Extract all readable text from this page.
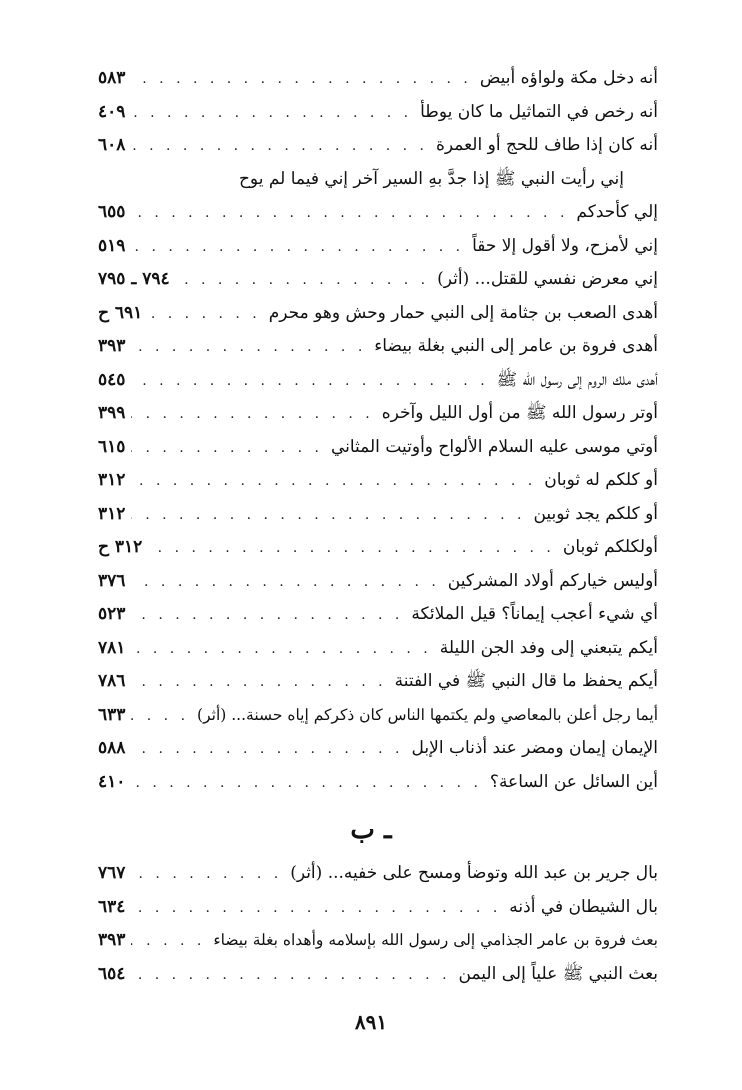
أنه دخل مكة ولواؤه أبيض
. . .
٥٨٣
أنه رخص في التماثيل ما كان يوطأ
. . .
٤٠٩
أنه كان إذا طاف للحج أو العمرة
. . .
٦٠٨
إني رأيت النبي ﷺ إذا جدَّ بهِ السير آخر إني فيما لم يوح
إلي كأحدكم
. . .
٦٥٥
إني لأمزح، ولا أقول إلا حقاً
. . .
٥١٩
إني معرض نفسي للقتل... (أثر)
. . .
٧٩٤ ـ ٧٩٥
أهدى الصعب بن جثامة إلى النبي حمار وحش وهو محرم
. . .
٦٩١ ح
أهدى فروة بن عامر إلى النبي بغلة بيضاء
. . .
٣٩٣
أهدى ملك الروم إلى رسول الله ﷺ
. . .
٥٤٥
أوتر رسول الله ﷺ من أول الليل وآخره
. . .
٣٩٩
أوتي موسى عليه السلام الألواح وأوتيت المثاني
. . .
٦١٥
أو كلكم له ثوبان
. . .
٣١٢
أو كلكم يجد ثوبين
. . .
٣١٢
أولكلكم ثوبان
. . .
٣١٢ ح
أوليس خياركم أولاد المشركين
. . .
٣٧٦
أي شيء أعجب إيماناً؟ قيل الملائكة
. . .
٥٢٣
أيكم يتبعني إلى وفد الجن الليلة
. . .
٧٨١
أيكم يحفظ ما قال النبي ﷺ في الفتنة
. . .
٧٨٦
أيما رجل أعلن بالمعاصي ولم يكتمها الناس كان ذكركم إياه حسنة... (أثر)
. . .
٦٣٣
الإيمان إيمان ومضر عند أذناب الإبل
. . .
٥٨٨
أين السائل عن الساعة؟
. . .
٤١٠
ـ ب
بال جرير بن عبد الله وتوضأ ومسح على خفيه... (أثر)
. . .
٧٦٧
بال الشيطان في أذنه
. . .
٦٣٤
بعث فروة بن عامر الجذامي إلى رسول الله بإسلامه وأهداه بغلة بيضاء
. . .
٣٩٣
بعث النبي ﷺ علياً إلى اليمن
. . .
٦٥٤
٨٩١
